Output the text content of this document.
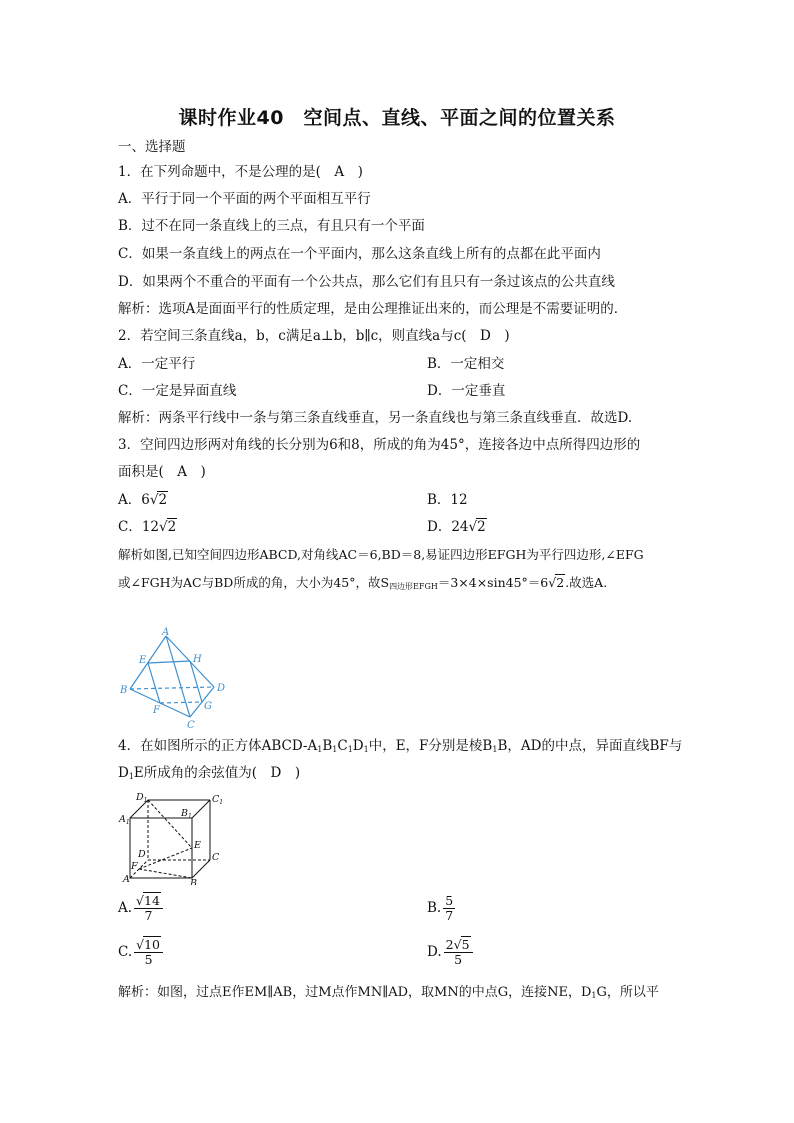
课时作业40　空间点、直线、平面之间的位置关系
一、选择题
1．在下列命题中，不是公理的是(　A　)
A．平行于同一个平面的两个平面相互平行
B．过不在同一条直线上的三点，有且只有一个平面
C．如果一条直线上的两点在一个平面内，那么这条直线上所有的点都在此平面内
D．如果两个不重合的平面有一个公共点，那么它们有且只有一条过该点的公共直线
解析：选项A是面面平行的性质定理，是由公理推证出来的，而公理是不需要证明的．
2．若空间三条直线a，b，c满足a⊥b，b∥c，则直线a与c(　D　)
A．一定平行	B．一定相交
C．一定是异面直线	D．一定垂直
解析：两条平行线中一条与第三条直线垂直，另一条直线也与第三条直线垂直．故选D.
3．空间四边形两对角线的长分别为6和8，所成的角为45°，连接各边中点所得四边形的
面积是(　A　)
A．6√2	B．12
C．12√2	D．24√2
解析如图,已知空间四边形ABCD,对角线AC＝6,BD＝8,易证四边形EFGH为平行四边形,∠EFG
或∠FGH为AC与BD所成的角，大小为45°，故$S_{四边形EFGH}=3\times 4\times\sin 45^\circ=6√2$.故选A.
A
B
C
D
E
F	G
H
4．在如图所示的正方体ABCD-$A_1B_1C_1D_1$中，E，F分别是棱$B_1B$，AD的中点，异面直线BF与
$D_1E$所成角的余弦值为(　D　)
$D_1$	$C_1$
$A_1$
$B_1$
E
D	C
F
A	B
A. $\frac{√14}{7}$	B. $\frac{5}{7}$
C. $\frac{√10}{5}$	D. $\frac{2√5}{5}$
解析：如图，过点E作EM∥AB，过M点作MN∥AD，取MN的中点G，连接NE，$D_1G$，所以平
